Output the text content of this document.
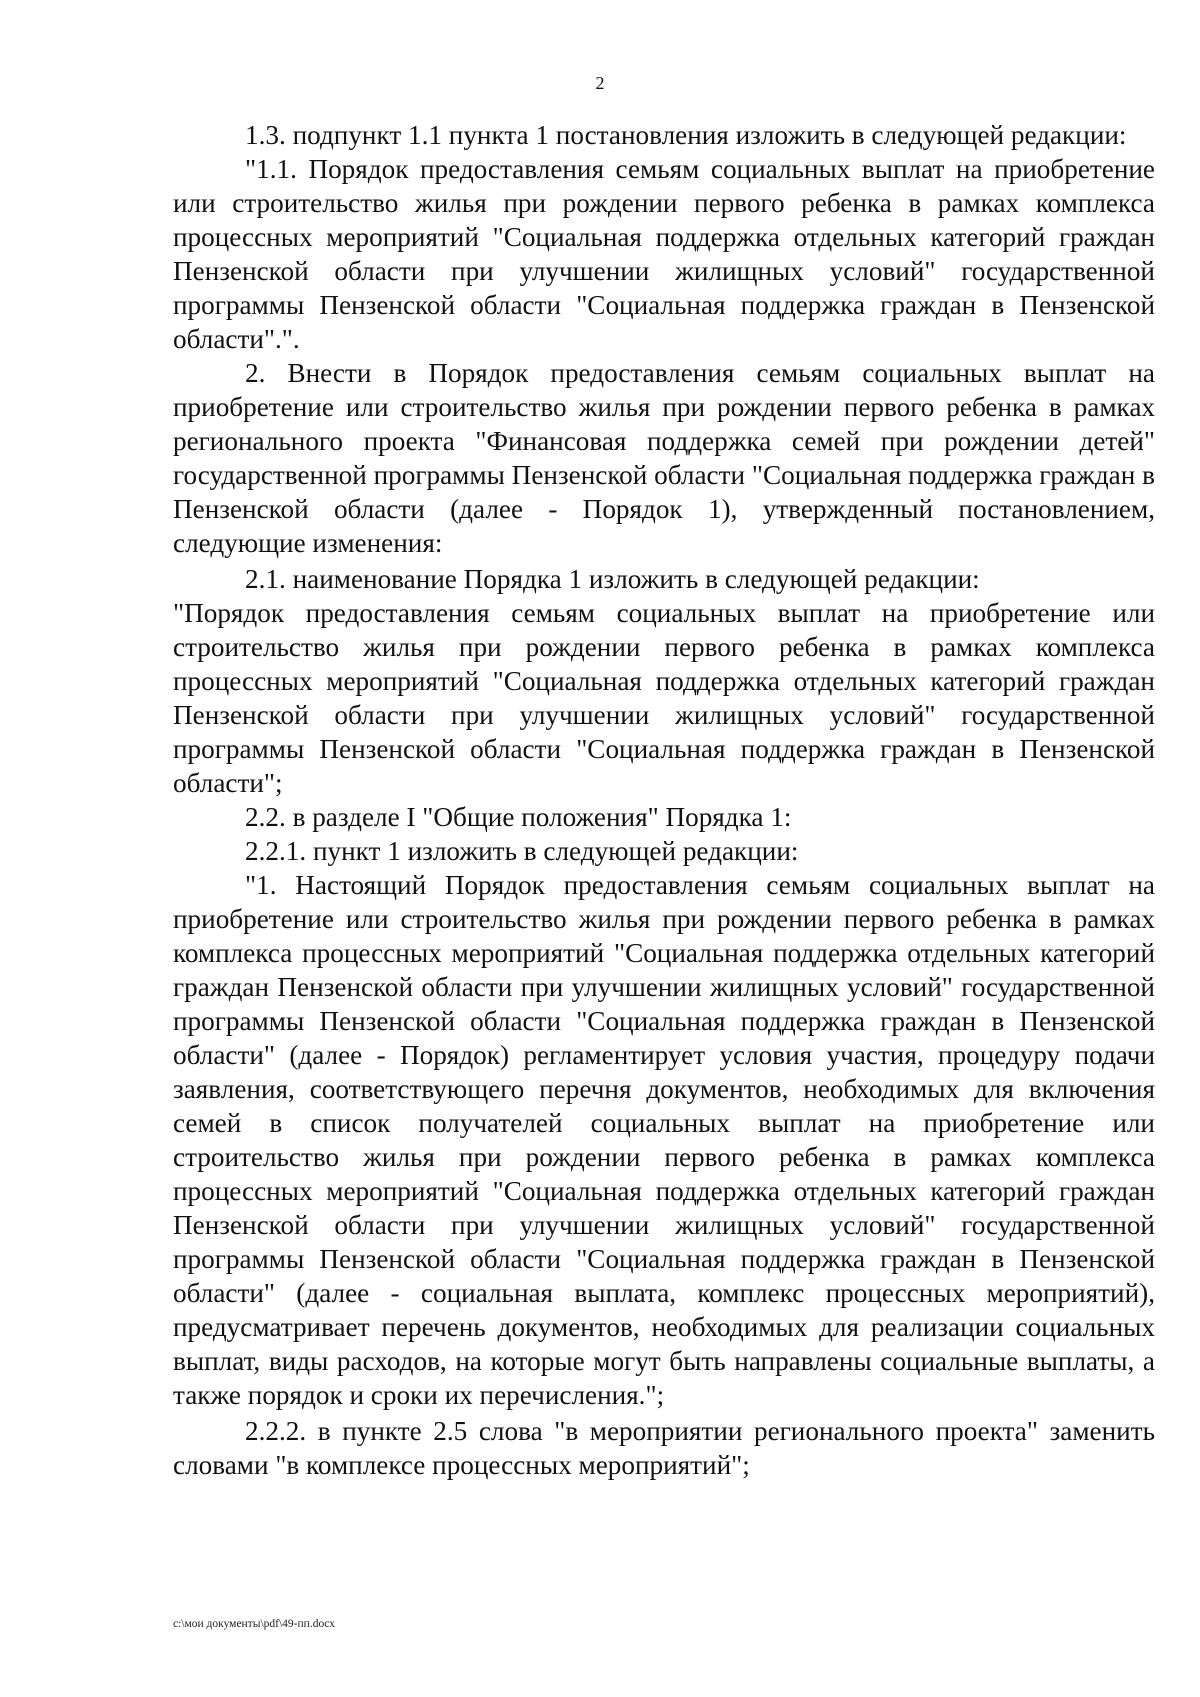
2

1.3. подпункт 1.1 пункта 1 постановления изложить в следующей редакции:

"1.1. Порядок предоставления семьям социальных выплат на приобретение или строительство жилья при рождении первого ребенка в рамках комплекса процессных мероприятий "Социальная поддержка отдельных категорий граждан Пензенской области при улучшении жилищных условий" государственной программы Пензенской области "Социальная поддержка граждан в Пензенской области".".

2. Внести в Порядок предоставления семьям социальных выплат на приобретение или строительство жилья при рождении первого ребенка в рамках регионального проекта "Финансовая поддержка семей при рождении детей" государственной программы Пензенской области "Социальная поддержка граждан в Пензенской области (далее - Порядок 1), утвержденный постановлением, следующие изменения:

2.1. наименование Порядка 1 изложить в следующей редакции:

"Порядок предоставления семьям социальных выплат на приобретение или строительство жилья при рождении первого ребенка в рамках комплекса процессных мероприятий "Социальная поддержка отдельных категорий граждан Пензенской области при улучшении жилищных условий" государственной программы Пензенской области "Социальная поддержка граждан в Пензенской области";

2.2. в разделе I "Общие положения" Порядка 1:

2.2.1. пункт 1 изложить в следующей редакции:

"1. Настоящий Порядок предоставления семьям социальных выплат на приобретение или строительство жилья при рождении первого ребенка в рамках комплекса процессных мероприятий "Социальная поддержка отдельных категорий граждан Пензенской области при улучшении жилищных условий" государственной программы Пензенской области "Социальная поддержка граждан в Пензенской области" (далее - Порядок) регламентирует условия участия, процедуру подачи заявления, соответствующего перечня документов, необходимых для включения семей в список получателей социальных выплат на приобретение или строительство жилья при рождении первого ребенка в рамках комплекса процессных мероприятий "Социальная поддержка отдельных категорий граждан Пензенской области при улучшении жилищных условий" государственной программы Пензенской области "Социальная поддержка граждан в Пензенской области" (далее - социальная выплата, комплекс процессных мероприятий), предусматривает перечень документов, необходимых для реализации социальных выплат, виды расходов, на которые могут быть направлены социальные выплаты, а также порядок и сроки их перечисления.";

2.2.2. в пункте 2.5 слова "в мероприятии регионального проекта" заменить словами "в комплексе процессных мероприятий";

c:\мои документы\pdf\49-пп.docx
